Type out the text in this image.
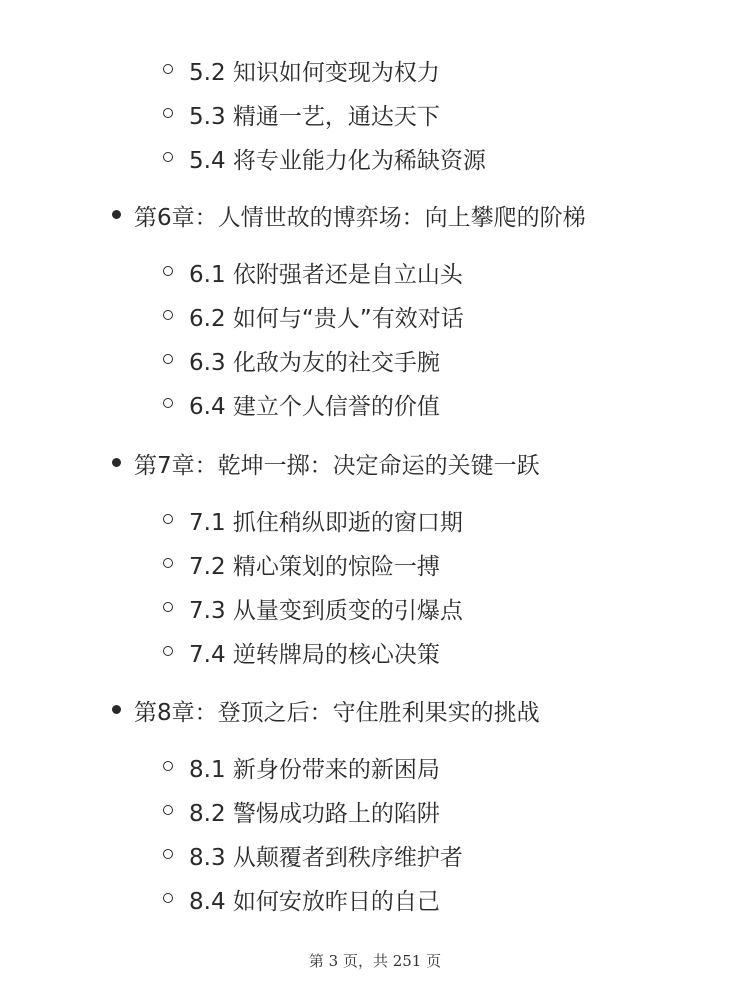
5.2 知识如何变现为权力
5.3 精通一艺，通达天下
5.4 将专业能力化为稀缺资源
第6章：人情世故的博弈场：向上攀爬的阶梯
6.1 依附强者还是自立山头
6.2 如何与“贵人”有效对话
6.3 化敌为友的社交手腕
6.4 建立个人信誉的价值
第7章：乾坤一掷：决定命运的关键一跃
7.1 抓住稍纵即逝的窗口期
7.2 精心策划的惊险一搏
7.3 从量变到质变的引爆点
7.4 逆转牌局的核心决策
第8章：登顶之后：守住胜利果实的挑战
8.1 新身份带来的新困局
8.2 警惕成功路上的陷阱
8.3 从颠覆者到秩序维护者
8.4 如何安放昨日的自己
第 3 页，共 251 页
